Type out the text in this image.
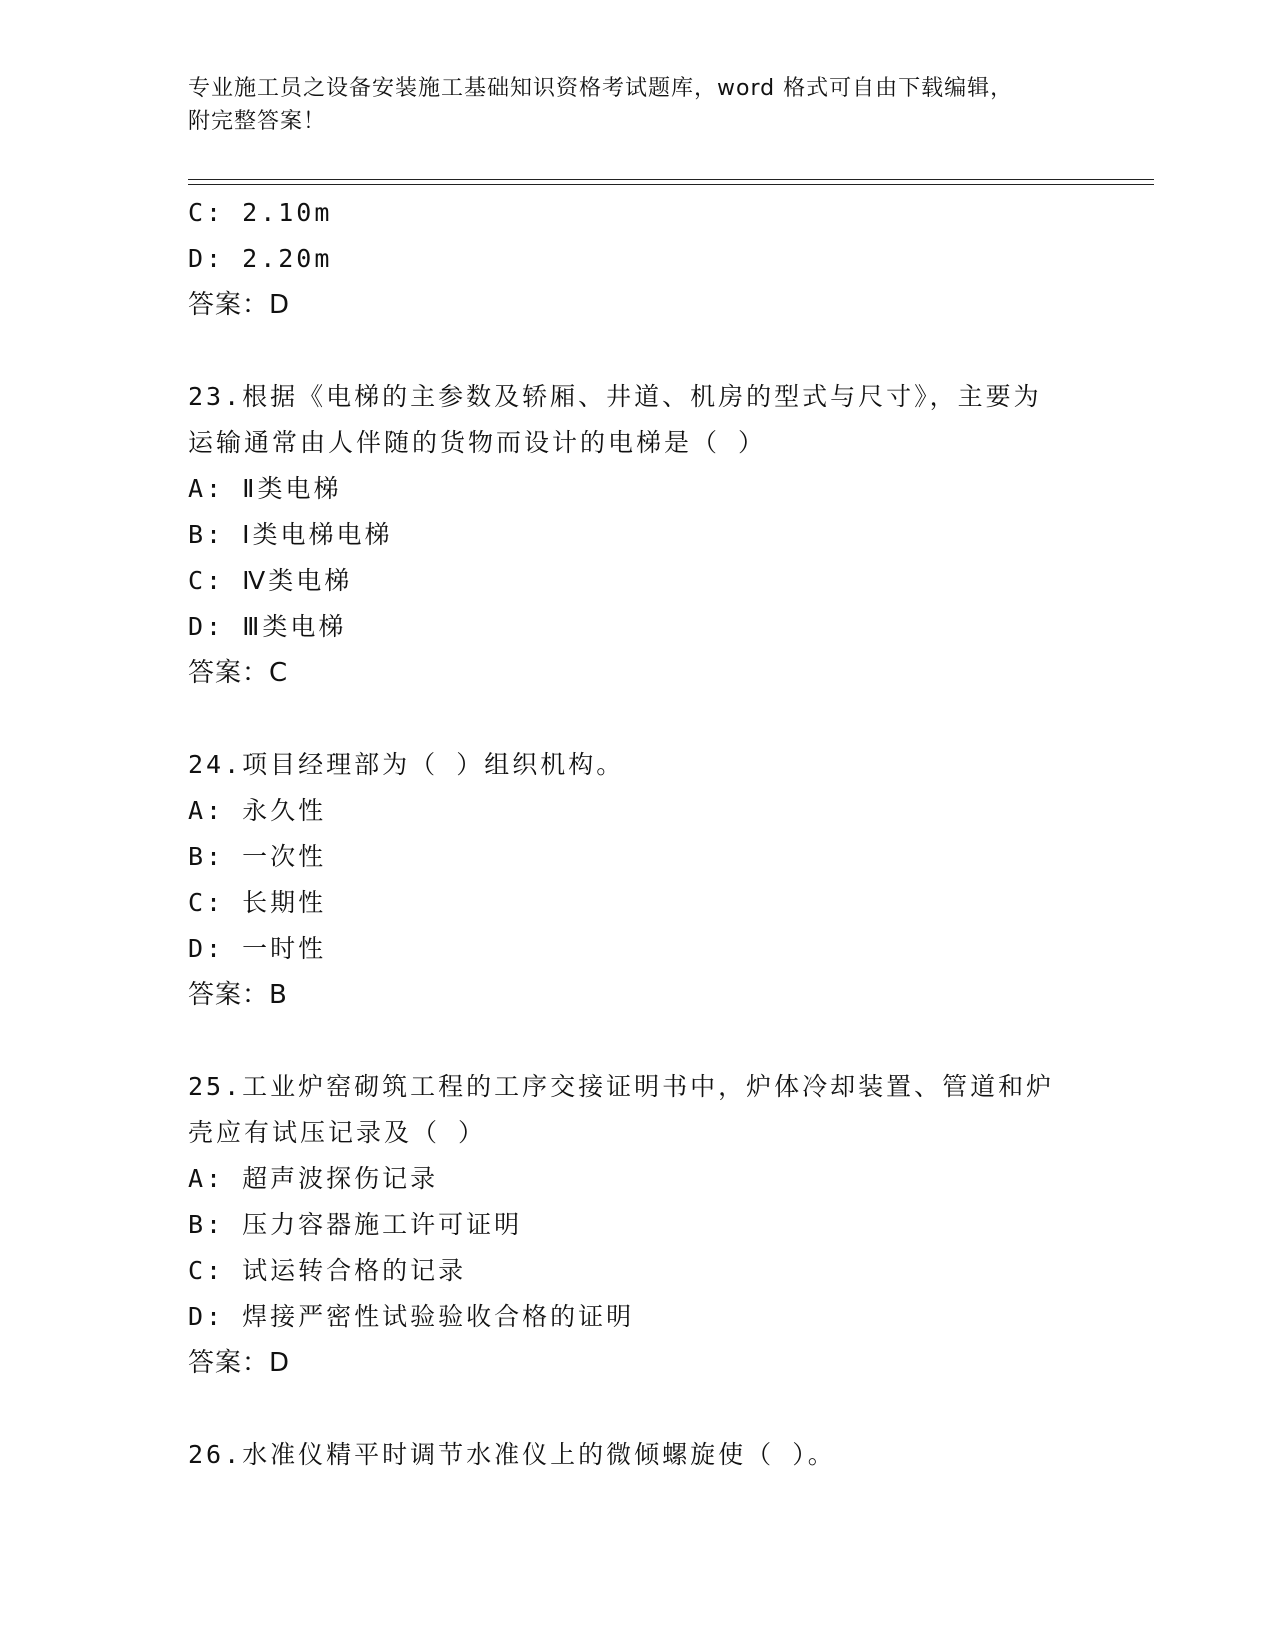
专业施工员之设备安装施工基础知识资格考试题库，word 格式可自由下载编辑，
附完整答案！
C: 2.10m
D: 2.20m
答案：D
23.根据《电梯的主参数及轿厢、井道、机房的型式与尺寸》，主要为
运输通常由人伴随的货物而设计的电梯是（ ）
A: Ⅱ类电梯
B: Ⅰ类电梯电梯
C: Ⅳ类电梯
D: Ⅲ类电梯
答案：C
24.项目经理部为（ ）组织机构。
A: 永久性
B: 一次性
C: 长期性
D: 一时性
答案：B
25.工业炉窑砌筑工程的工序交接证明书中，炉体冷却装置、管道和炉
壳应有试压记录及（ ）
A: 超声波探伤记录
B: 压力容器施工许可证明
C: 试运转合格的记录
D: 焊接严密性试验验收合格的证明
答案：D
26.水准仪精平时调节水准仪上的微倾螺旋使（ ）。
